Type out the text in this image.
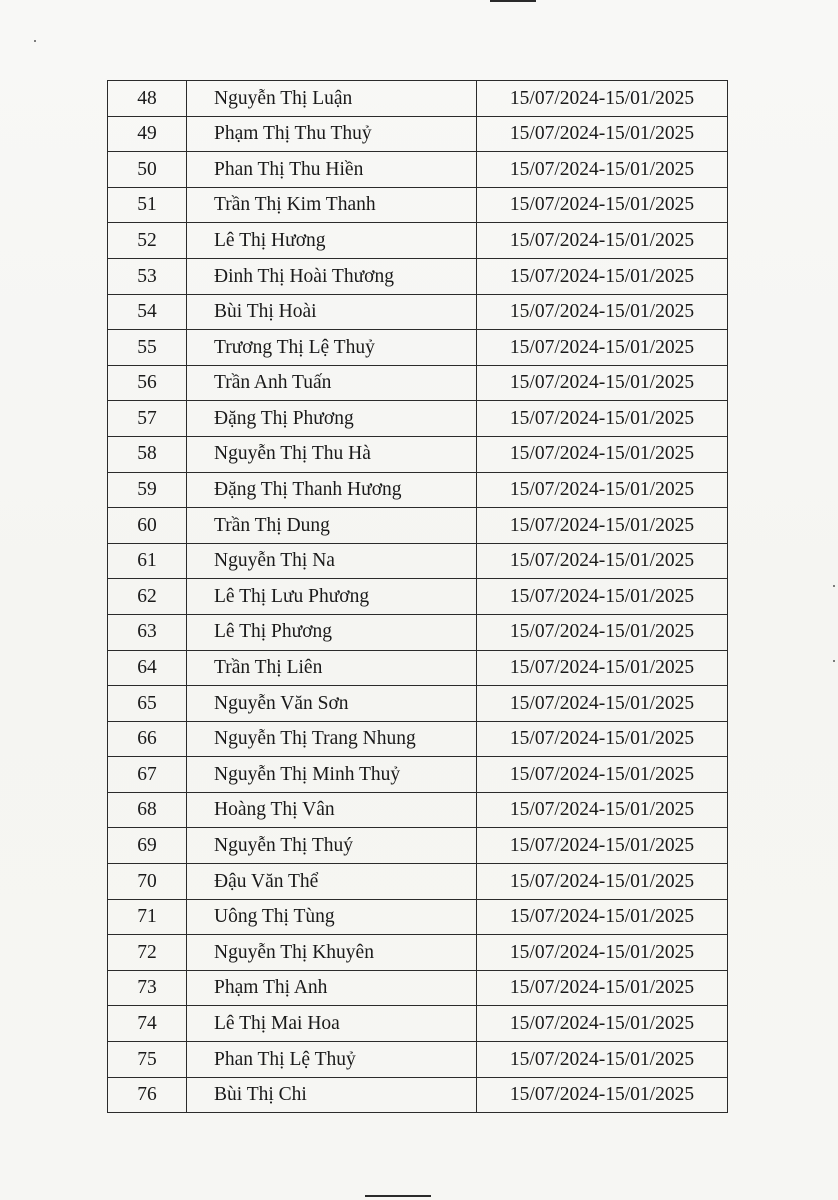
48	Nguyễn Thị Luận	15/07/2024-15/01/2025
49	Phạm Thị Thu Thuỷ	15/07/2024-15/01/2025
50	Phan Thị Thu Hiền	15/07/2024-15/01/2025
51	Trần Thị Kim Thanh	15/07/2024-15/01/2025
52	Lê Thị Hương	15/07/2024-15/01/2025
53	Đinh Thị Hoài Thương	15/07/2024-15/01/2025
54	Bùi Thị Hoài	15/07/2024-15/01/2025
55	Trương Thị Lệ Thuỷ	15/07/2024-15/01/2025
56	Trần Anh Tuấn	15/07/2024-15/01/2025
57	Đặng Thị Phương	15/07/2024-15/01/2025
58	Nguyễn Thị Thu Hà	15/07/2024-15/01/2025
59	Đặng Thị Thanh Hương	15/07/2024-15/01/2025
60	Trần Thị Dung	15/07/2024-15/01/2025
61	Nguyễn Thị Na	15/07/2024-15/01/2025
62	Lê Thị Lưu Phương	15/07/2024-15/01/2025
63	Lê Thị Phương	15/07/2024-15/01/2025
64	Trần Thị Liên	15/07/2024-15/01/2025
65	Nguyễn Văn Sơn	15/07/2024-15/01/2025
66	Nguyễn Thị Trang Nhung	15/07/2024-15/01/2025
67	Nguyễn Thị Minh Thuỷ	15/07/2024-15/01/2025
68	Hoàng Thị Vân	15/07/2024-15/01/2025
69	Nguyễn Thị Thuý	15/07/2024-15/01/2025
70	Đậu Văn Thể	15/07/2024-15/01/2025
71	Uông Thị Tùng	15/07/2024-15/01/2025
72	Nguyễn Thị Khuyên	15/07/2024-15/01/2025
73	Phạm Thị Anh	15/07/2024-15/01/2025
74	Lê Thị Mai Hoa	15/07/2024-15/01/2025
75	Phan Thị Lệ Thuỷ	15/07/2024-15/01/2025
76	Bùi Thị Chi	15/07/2024-15/01/2025
